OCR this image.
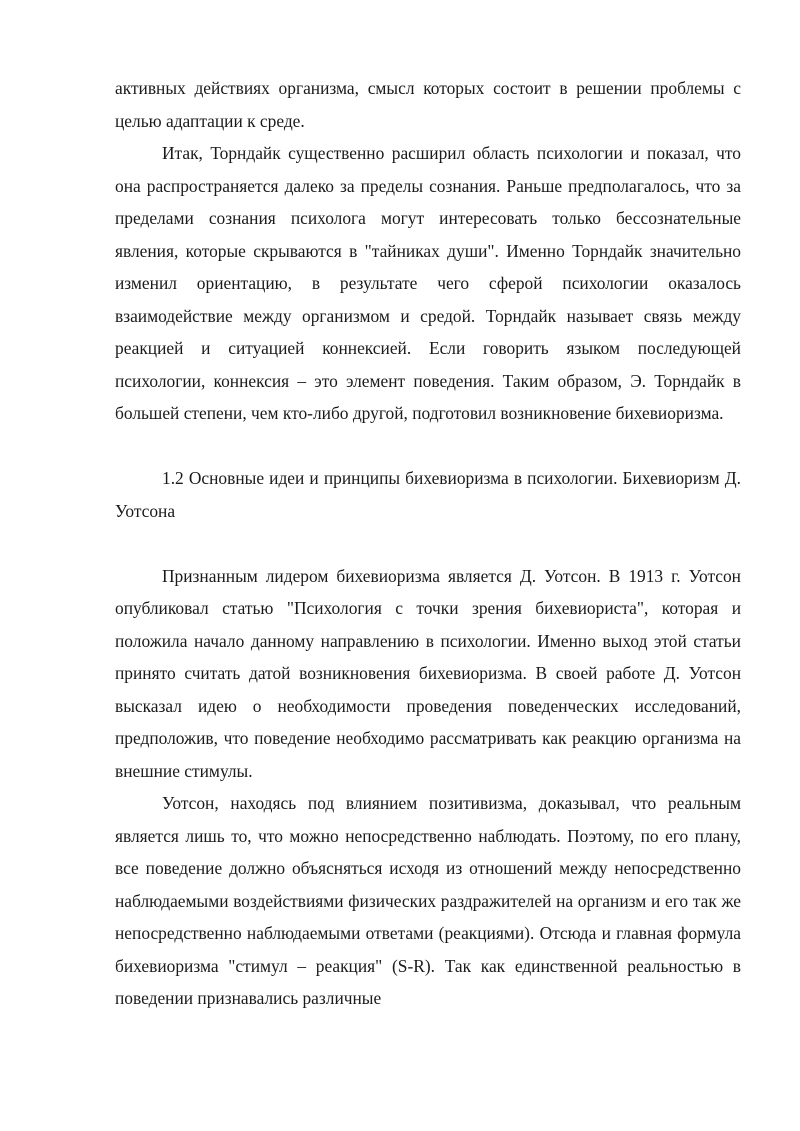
активных действиях организма, смысл которых состоит в решении проблемы с целью адаптации к среде.

Итак, Торндайк существенно расширил область психологии и показал, что она распространяется далеко за пределы сознания. Раньше предполагалось, что за пределами сознания психолога могут интересовать только бессознательные явления, которые скрываются в "тайниках души". Именно Торндайк значительно изменил ориентацию, в результате чего сферой психологии оказалось взаимодействие между организмом и средой. Торндайк называет связь между реакцией и ситуацией коннексией. Если говорить языком последующей психологии, коннексия – это элемент поведения. Таким образом, Э. Торндайк в большей степени, чем кто-либо другой, подготовил возникновение бихевиоризма.

1.2 Основные идеи и принципы бихевиоризма в психологии. Бихевиоризм Д. Уотсона

Признанным лидером бихевиоризма является Д. Уотсон. В 1913 г. Уотсон опубликовал статью "Психология с точки зрения бихевиориста", которая и положила начало данному направлению в психологии. Именно выход этой статьи принято считать датой возникновения бихевиоризма. В своей работе Д. Уотсон высказал идею о необходимости проведения поведенческих исследований, предположив, что поведение необходимо рассматривать как реакцию организма на внешние стимулы.

Уотсон, находясь под влиянием позитивизма, доказывал, что реальным является лишь то, что можно непосредственно наблюдать. Поэтому, по его плану, все поведение должно объясняться исходя из отношений между непосредственно наблюдаемыми воздействиями физических раздражителей на организм и его так же непосредственно наблюдаемыми ответами (реакциями). Отсюда и главная формула бихевиоризма "стимул – реакция" (S-R). Так как единственной реальностью в поведении признавались различные
